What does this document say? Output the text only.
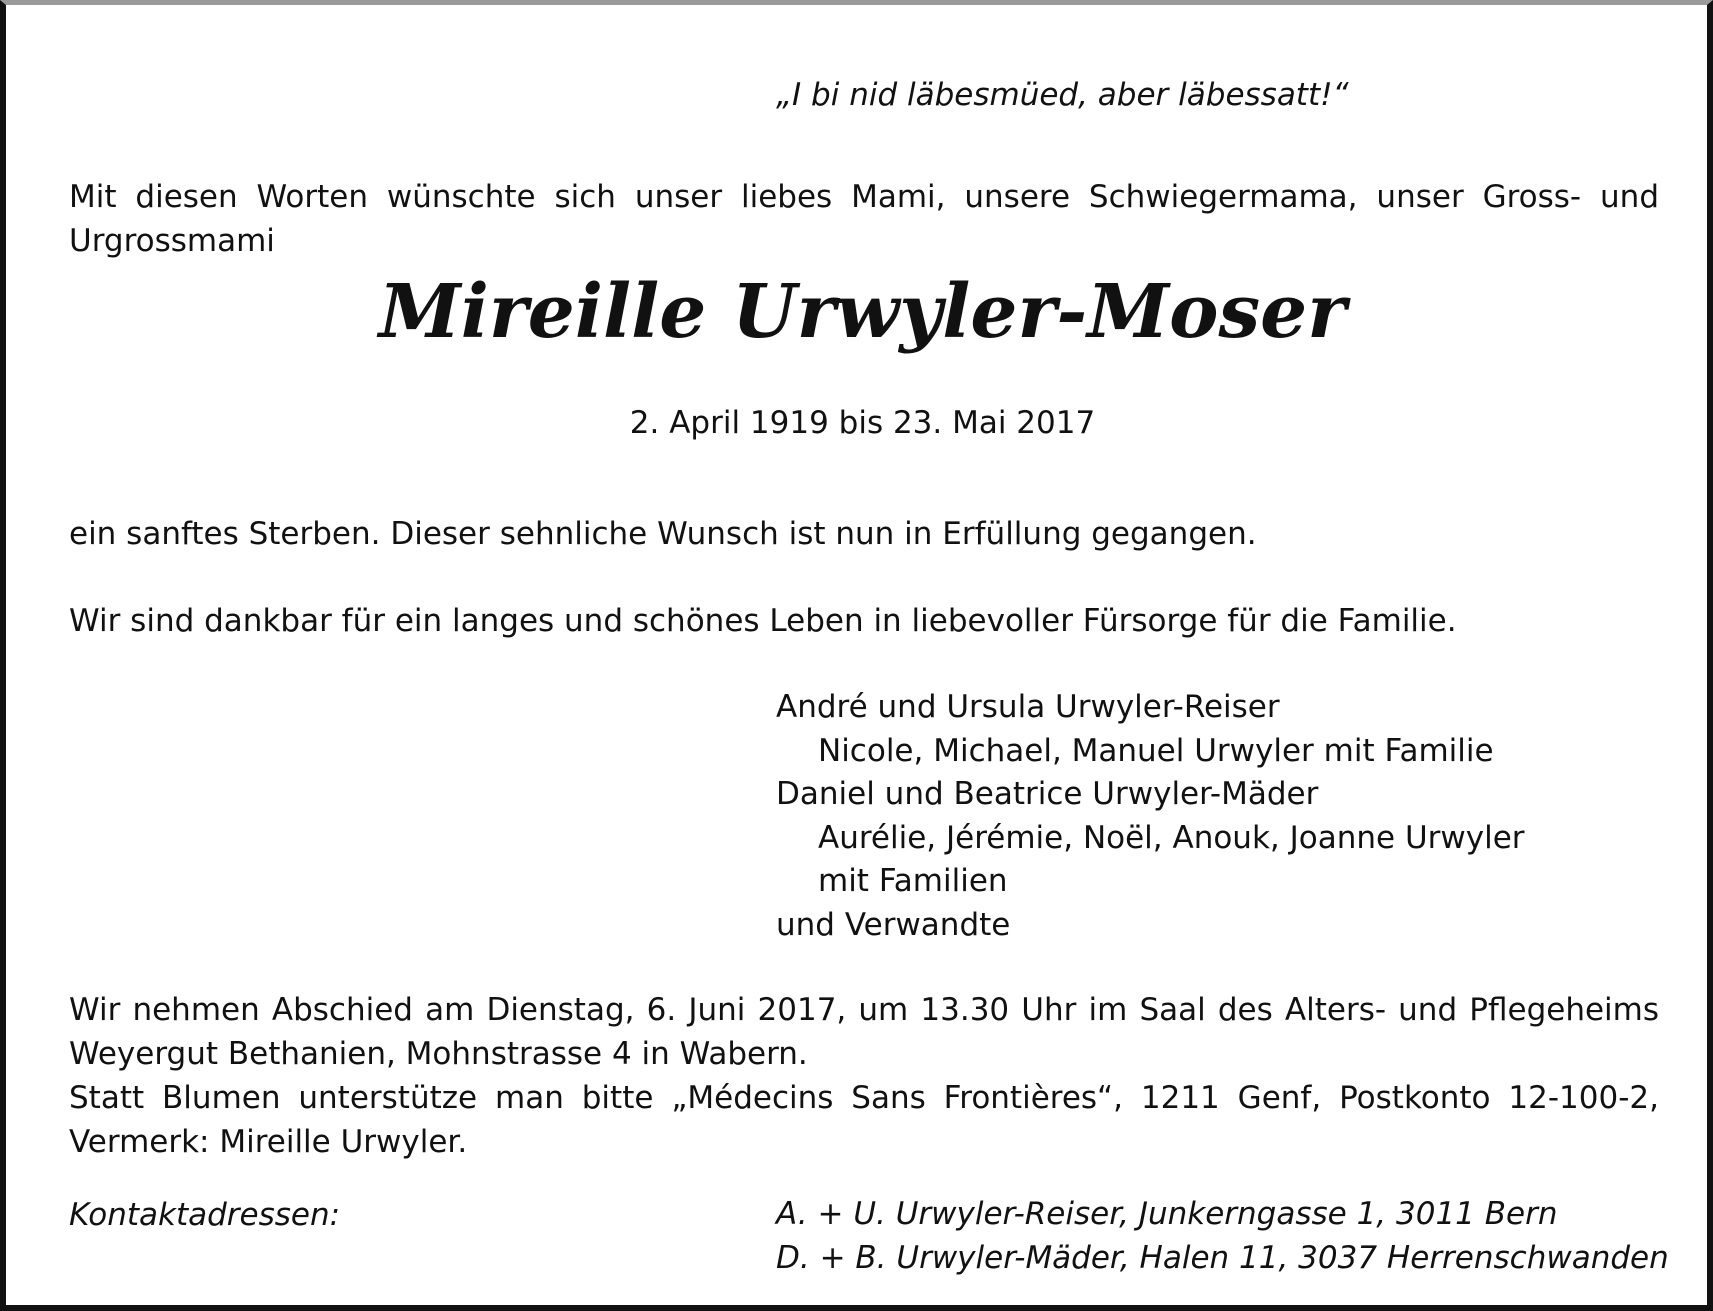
„I bi nid läbesmüed, aber läbessatt!“
Mit diesen Worten wünschte sich unser liebes Mami, unsere Schwiegermama, unser Gross- und Urgrossmami
Mireille Urwyler-Moser
2. April 1919 bis 23. Mai 2017
ein sanftes Sterben. Dieser sehnliche Wunsch ist nun in Erfüllung gegangen.
Wir sind dankbar für ein langes und schönes Leben in liebevoller Fürsorge für die Familie.
André und Ursula Urwyler-Reiser
Nicole, Michael, Manuel Urwyler mit Familie
Daniel und Beatrice Urwyler-Mäder
Aurélie, Jérémie, Noël, Anouk, Joanne Urwyler
mit Familien
und Verwandte
Wir nehmen Abschied am Dienstag, 6. Juni 2017, um 13.30 Uhr im Saal des Alters- und Pflegeheims Weyergut Bethanien, Mohnstrasse 4 in Wabern.
Statt Blumen unterstütze man bitte „Médecins Sans Frontières“, 1211 Genf, Postkonto 12-100-2, Vermerk: Mireille Urwyler.
Kontaktadressen:	A. + U. Urwyler-Reiser, Junkerngasse 1, 3011 Bern
D. + B. Urwyler-Mäder, Halen 11, 3037 Herrenschwanden
